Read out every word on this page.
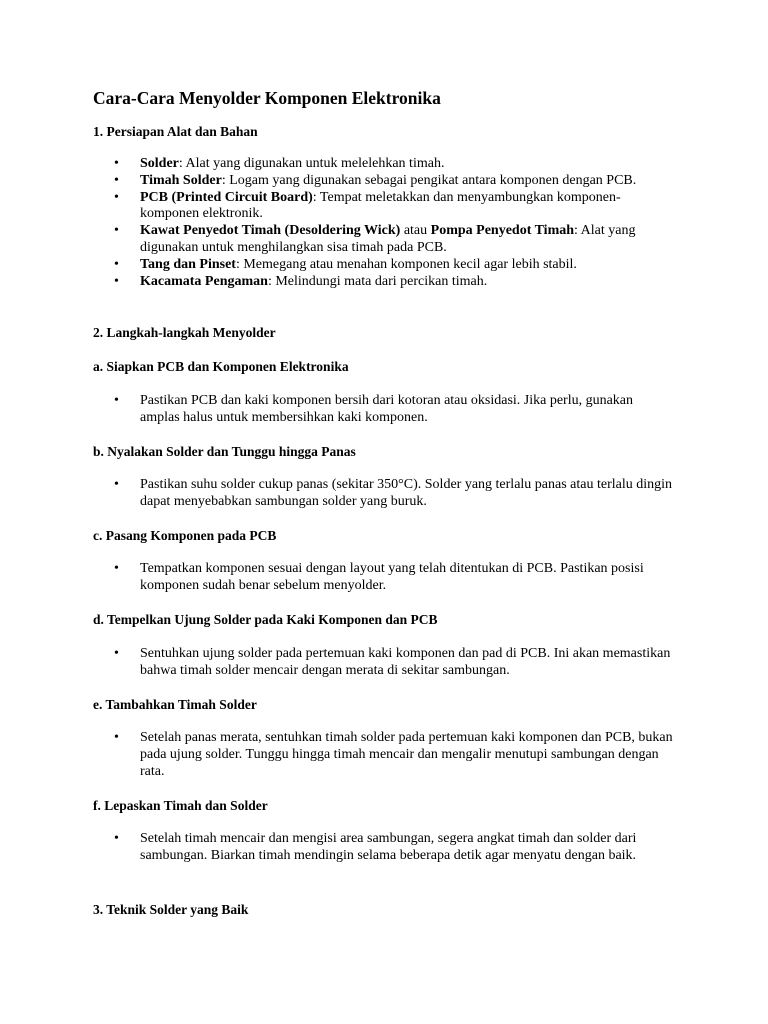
Cara-Cara Menyolder Komponen Elektronika
1. Persiapan Alat dan Bahan
•	Solder: Alat yang digunakan untuk melelehkan timah.
•	Timah Solder: Logam yang digunakan sebagai pengikat antara komponen dengan PCB.
•	PCB (Printed Circuit Board): Tempat meletakkan dan menyambungkan komponen-komponen elektronik.
•	Kawat Penyedot Timah (Desoldering Wick) atau Pompa Penyedot Timah: Alat yang digunakan untuk menghilangkan sisa timah pada PCB.
•	Tang dan Pinset: Memegang atau menahan komponen kecil agar lebih stabil.
•	Kacamata Pengaman: Melindungi mata dari percikan timah.
2. Langkah-langkah Menyolder
a. Siapkan PCB dan Komponen Elektronika
•	Pastikan PCB dan kaki komponen bersih dari kotoran atau oksidasi. Jika perlu, gunakan amplas halus untuk membersihkan kaki komponen.
b. Nyalakan Solder dan Tunggu hingga Panas
•	Pastikan suhu solder cukup panas (sekitar 350°C). Solder yang terlalu panas atau terlalu dingin dapat menyebabkan sambungan solder yang buruk.
c. Pasang Komponen pada PCB
•	Tempatkan komponen sesuai dengan layout yang telah ditentukan di PCB. Pastikan posisi komponen sudah benar sebelum menyolder.
d. Tempelkan Ujung Solder pada Kaki Komponen dan PCB
•	Sentuhkan ujung solder pada pertemuan kaki komponen dan pad di PCB. Ini akan memastikan bahwa timah solder mencair dengan merata di sekitar sambungan.
e. Tambahkan Timah Solder
•	Setelah panas merata, sentuhkan timah solder pada pertemuan kaki komponen dan PCB, bukan pada ujung solder. Tunggu hingga timah mencair dan mengalir menutupi sambungan dengan rata.
f. Lepaskan Timah dan Solder
•	Setelah timah mencair dan mengisi area sambungan, segera angkat timah dan solder dari sambungan. Biarkan timah mendingin selama beberapa detik agar menyatu dengan baik.
3. Teknik Solder yang Baik
